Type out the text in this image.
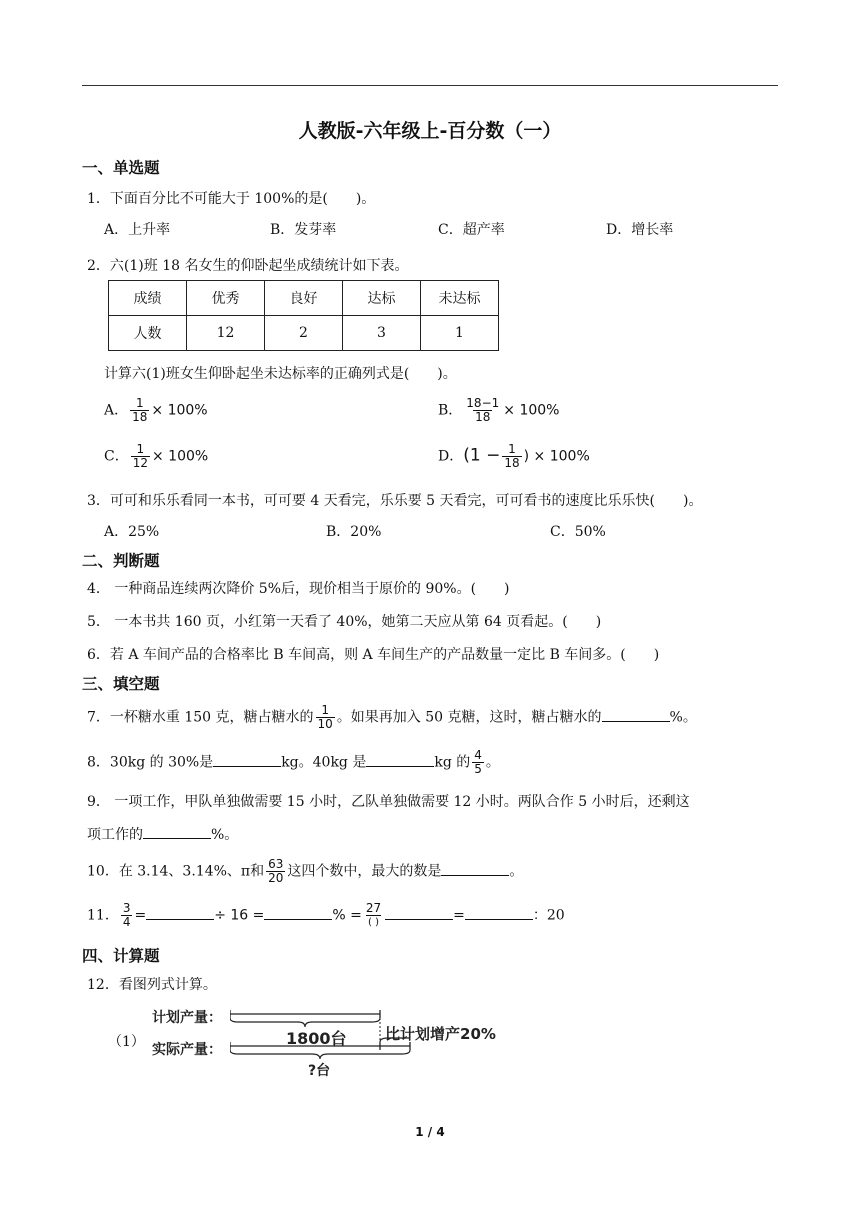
人教版-六年级上-百分数（一）
一、单选题
1．下面百分比不可能大于 100%的是(　　)。
A．上升率	B．发芽率	C．超产率	D．增长率
2．六(1)班 18 名女生的仰卧起坐成绩统计如下表。
成绩	优秀	良好	达标	未达标
人数	12	2	3	1
计算六(1)班女生仰卧起坐未达标率的正确列式是(　　)。
A． $\frac{1}{18} \times 100\%$	B． $\frac{18-1}{18} \times 100\%$
C． $\frac{1}{12} \times 100\%$	D．($1 - \frac{1}{18}$ ) × 100%
3．可可和乐乐看同一本书，可可要 4 天看完，乐乐要 5 天看完，可可看书的速度比乐乐快(　　)。
A．25%	B．20%	C．50%
二、判断题
4． 一种商品连续两次降价 5%后，现价相当于原价的 90%。(　　)
5． 一本书共 160 页，小红第一天看了 40%，她第二天应从第 64 页看起。(　　)
6．若 A 车间产品的合格率比 B 车间高，则 A 车间生产的产品数量一定比 B 车间多。(　　)
三、填空题
7．一杯糖水重 150 克，糖占糖水的 $\frac{1}{10}$ 。如果再加入 50 克糖，这时，糖占糖水的	%。
8．30kg 的 30%是	kg。40kg 是	kg 的 $\frac{4}{5}$ 。
9． 一项工作，甲队单独做需要 15 小时，乙队单独做需要 12 小时。两队合作 5 小时后，还剩这
项工作的	%。
10．在 3.14、3.14%、π和 $\frac{63}{20}$ 这四个数中，最大的数是	。
11． $\frac{3}{4}$ =	÷ 16 =	% = $\frac{27}{( )}$	=	：20
四、计算题
12．看图列式计算。
（1）
计划产量：
实际产量：
1800台	比计划增产20%
?台
1 / 4
